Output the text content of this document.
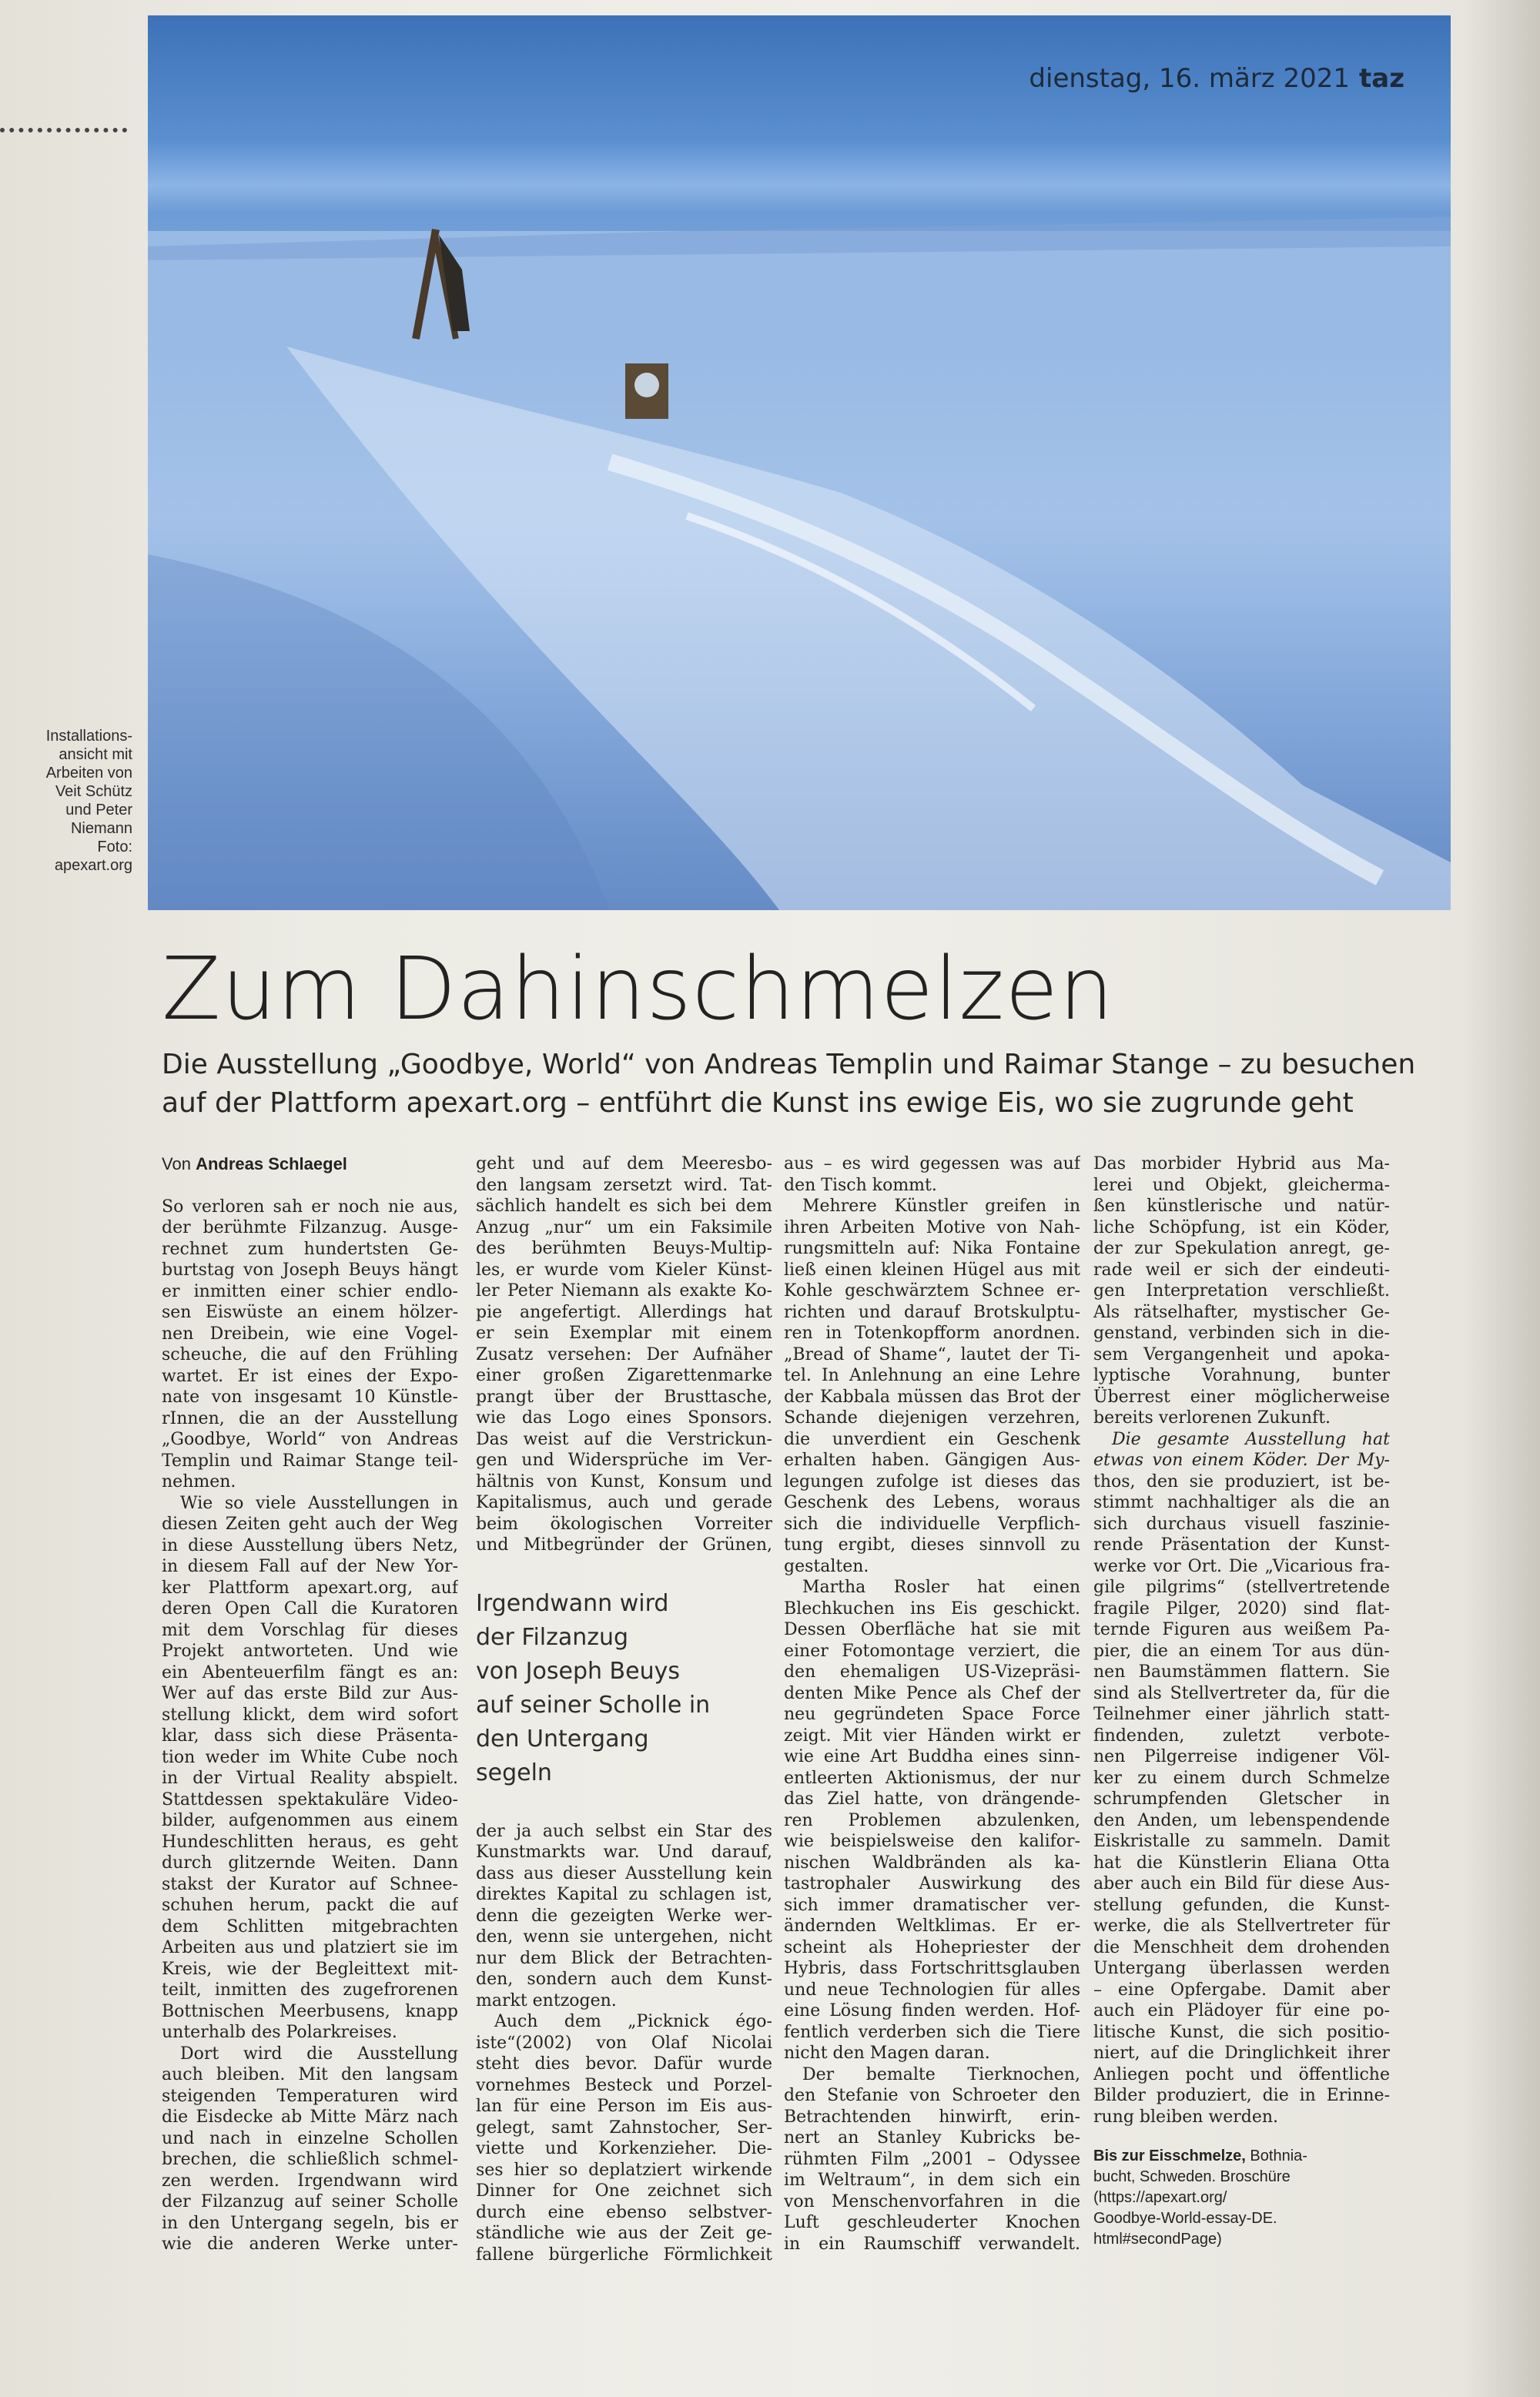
dienstag, 16. märz 2021 taz
Installations-
ansicht mit
Arbeiten von
Veit Schütz
und Peter
Niemann
Foto:
apexart.org
Zum Dahinschmelzen
Die Ausstellung „Goodbye, World“ von Andreas Templin und Raimar Stange – zu besuchen
auf der Plattform apexart.org – entführt die Kunst ins ewige Eis, wo sie zugrunde geht
Von Andreas Schlaegel
So verloren sah er noch nie aus,
der berühmte Filzanzug. Ausge-
rechnet zum hundertsten Ge-
burtstag von Joseph Beuys hängt
er inmitten einer schier endlo-
sen Eiswüste an einem hölzer-
nen Dreibein, wie eine Vogel-
scheuche, die auf den Frühling
wartet. Er ist eines der Expo-
nate von insgesamt 10 Künstle-
rInnen, die an der Ausstellung
„Goodbye, World“ von Andreas
Templin und Raimar Stange teil-
nehmen.
Wie so viele Ausstellungen in
diesen Zeiten geht auch der Weg
in diese Ausstellung übers Netz,
in diesem Fall auf der New Yor-
ker Plattform apexart.org, auf
deren Open Call die Kuratoren
mit dem Vorschlag für dieses
Projekt antworteten. Und wie
ein Abenteuerfilm fängt es an:
Wer auf das erste Bild zur Aus-
stellung klickt, dem wird sofort
klar, dass sich diese Präsenta-
tion weder im White Cube noch
in der Virtual Reality abspielt.
Stattdessen spektakuläre Video-
bilder, aufgenommen aus einem
Hundeschlitten heraus, es geht
durch glitzernde Weiten. Dann
stakst der Kurator auf Schnee-
schuhen herum, packt die auf
dem Schlitten mitgebrachten
Arbeiten aus und platziert sie im
Kreis, wie der Begleittext mit-
teilt, inmitten des zugefrorenen
Bottnischen Meerbusens, knapp
unterhalb des Polarkreises.
Dort wird die Ausstellung
auch bleiben. Mit den langsam
steigenden Temperaturen wird
die Eisdecke ab Mitte März nach
und nach in einzelne Schollen
brechen, die schließlich schmel-
zen werden. Irgendwann wird
der Filzanzug auf seiner Scholle
in den Untergang segeln, bis er
wie die anderen Werke unter-
geht und auf dem Meeresbo-
den langsam zersetzt wird. Tat-
sächlich handelt es sich bei dem
Anzug „nur“ um ein Faksimile
des berühmten Beuys-Multip-
les, er wurde vom Kieler Künst-
ler Peter Niemann als exakte Ko-
pie angefertigt. Allerdings hat
er sein Exemplar mit einem
Zusatz versehen: Der Aufnäher
einer großen Zigarettenmarke
prangt über der Brusttasche,
wie das Logo eines Sponsors.
Das weist auf die Verstrickun-
gen und Widersprüche im Ver-
hältnis von Kunst, Konsum und
Kapitalismus, auch und gerade
beim ökologischen Vorreiter
und Mitbegründer der Grünen,
Irgendwann wird
der Filzanzug
von Joseph Beuys
auf seiner Scholle in
den Untergang
segeln
der ja auch selbst ein Star des
Kunstmarkts war. Und darauf,
dass aus dieser Ausstellung kein
direktes Kapital zu schlagen ist,
denn die gezeigten Werke wer-
den, wenn sie untergehen, nicht
nur dem Blick der Betrachten-
den, sondern auch dem Kunst-
markt entzogen.
Auch dem „Picknick égo-
iste“(2002) von Olaf Nicolai
steht dies bevor. Dafür wurde
vornehmes Besteck und Porzel-
lan für eine Person im Eis aus-
gelegt, samt Zahnstocher, Ser-
viette und Korkenzieher. Die-
ses hier so deplatziert wirkende
Dinner for One zeichnet sich
durch eine ebenso selbstver-
ständliche wie aus der Zeit ge-
fallene bürgerliche Förmlichkeit
aus – es wird gegessen was auf
den Tisch kommt.
Mehrere Künstler greifen in
ihren Arbeiten Motive von Nah-
rungsmitteln auf: Nika Fontaine
ließ einen kleinen Hügel aus mit
Kohle geschwärztem Schnee er-
richten und darauf Brotskulptu-
ren in Totenkopfform anordnen.
„Bread of Shame“, lautet der Ti-
tel. In Anlehnung an eine Lehre
der Kabbala müssen das Brot der
Schande diejenigen verzehren,
die unverdient ein Geschenk
erhalten haben. Gängigen Aus-
legungen zufolge ist dieses das
Geschenk des Lebens, woraus
sich die individuelle Verpflich-
tung ergibt, dieses sinnvoll zu
gestalten.
Martha Rosler hat einen
Blechkuchen ins Eis geschickt.
Dessen Oberfläche hat sie mit
einer Fotomontage verziert, die
den ehemaligen US-Vizepräsi-
denten Mike Pence als Chef der
neu gegründeten Space Force
zeigt. Mit vier Händen wirkt er
wie eine Art Buddha eines sinn-
entleerten Aktionismus, der nur
das Ziel hatte, von drängende-
ren Problemen abzulenken,
wie beispielsweise den kalifor-
nischen Waldbränden als ka-
tastrophaler Auswirkung des
sich immer dramatischer ver-
ändernden Weltklimas. Er er-
scheint als Hohepriester der
Hybris, dass Fortschrittsglauben
und neue Technologien für alles
eine Lösung finden werden. Hof-
fentlich verderben sich die Tiere
nicht den Magen daran.
Der bemalte Tierknochen,
den Stefanie von Schroeter den
Betrachtenden hinwirft, erin-
nert an Stanley Kubricks be-
rühmten Film „2001 – Odyssee
im Weltraum“, in dem sich ein
von Menschenvorfahren in die
Luft geschleuderter Knochen
in ein Raumschiff verwandelt.
Das morbider Hybrid aus Ma-
lerei und Objekt, gleicherma-
ßen künstlerische und natür-
liche Schöpfung, ist ein Köder,
der zur Spekulation anregt, ge-
rade weil er sich der eindeuti-
gen Interpretation verschließt.
Als rätselhafter, mystischer Ge-
genstand, verbinden sich in die-
sem Vergangenheit und apoka-
lyptische Vorahnung, bunter
Überrest einer möglicherweise
bereits verlorenen Zukunft.
Die gesamte Ausstellung hat
etwas von einem Köder. Der My-
thos, den sie produziert, ist be-
stimmt nachhaltiger als die an
sich durchaus visuell faszinie-
rende Präsentation der Kunst-
werke vor Ort. Die „Vicarious fra-
gile pilgrims“ (stellvertretende
fragile Pilger, 2020) sind flat-
ternde Figuren aus weißem Pa-
pier, die an einem Tor aus dün-
nen Baumstämmen flattern. Sie
sind als Stellvertreter da, für die
Teilnehmer einer jährlich statt-
findenden, zuletzt verbote-
nen Pilgerreise indigener Völ-
ker zu einem durch Schmelze
schrumpfenden Gletscher in
den Anden, um lebenspendende
Eiskristalle zu sammeln. Damit
hat die Künstlerin Eliana Otta
aber auch ein Bild für diese Aus-
stellung gefunden, die Kunst-
werke, die als Stellvertreter für
die Menschheit dem drohenden
Untergang überlassen werden
– eine Opfergabe. Damit aber
auch ein Plädoyer für eine po-
litische Kunst, die sich positio-
niert, auf die Dringlichkeit ihrer
Anliegen pocht und öffentliche
Bilder produziert, die in Erinne-
rung bleiben werden.
Bis zur Eisschmelze, Bothnia-
bucht, Schweden. Broschüre
(https://apexart.org/
Goodbye-World-essay-DE.
html#secondPage)
